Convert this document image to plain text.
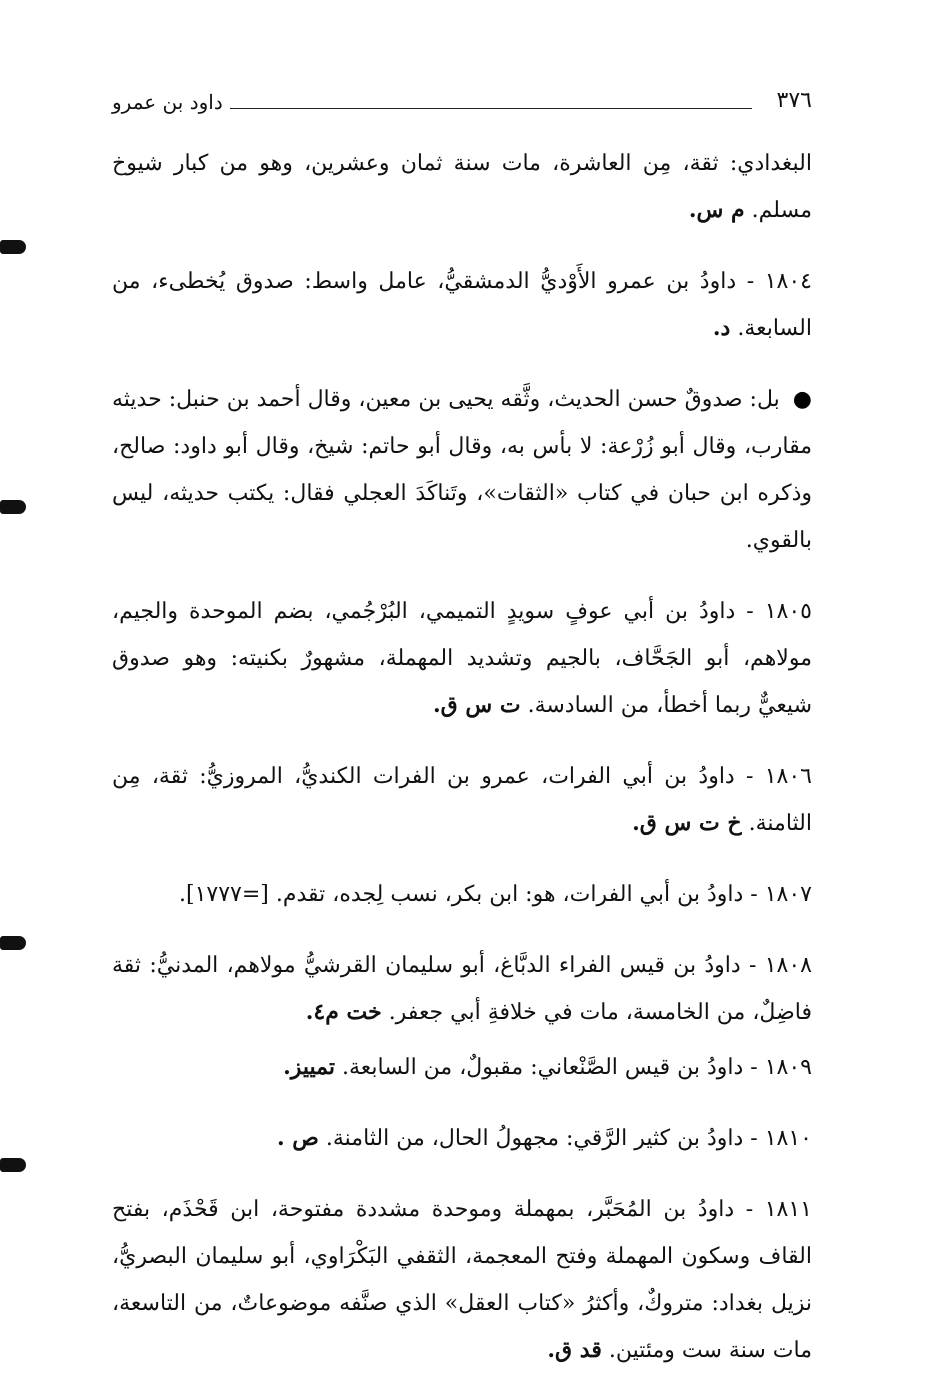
٣٧٦
داود بن عمرو
البغدادي: ثقة، مِن العاشرة، مات سنة ثمان وعشرين، وهو من كبار شيوخ مسلم. م س.
١٨٠٤ - داودُ بن عمرو الأَوْديُّ الدمشقيُّ، عامل واسط: صدوق يُخطىء، من السابعة. د.
● بل: صدوقٌ حسن الحديث، وثَّقه يحيى بن معين، وقال أحمد بن حنبل: حديثه مقارب، وقال أبو زُرْعة: لا بأس به، وقال أبو حاتم: شيخ، وقال أبو داود: صالح، وذكره ابن حبان في كتاب «الثقات»، وتَناكَدَ العجلي فقال: يكتب حديثه، ليس بالقوي.
١٨٠٥ - داودُ بن أبي عوفٍ سويدٍ التميمي، البُرْجُمي، بضم الموحدة والجيم، مولاهم، أبو الجَحَّاف، بالجيم وتشديد المهملة، مشهورٌ بكنيته: وهو صدوق شيعيٌّ ربما أخطأ، من السادسة. ت س ق.
١٨٠٦ - داودُ بن أبي الفرات، عمرو بن الفرات الكنديُّ، المروزيُّ: ثقة، مِن الثامنة. خ ت س ق.
١٨٠٧ - داودُ بن أبي الفرات، هو: ابن بكر، نسب لِجده، تقدم. [=١٧٧٧].
١٨٠٨ - داودُ بن قيس الفراء الدبَّاغ، أبو سليمان القرشيُّ مولاهم، المدنيُّ: ثقة فاضِلٌ، من الخامسة، مات في خلافةِ أبي جعفر. خت م٤.
١٨٠٩ - داودُ بن قيس الصَّنْعاني: مقبولٌ، من السابعة. تمييز.
١٨١٠ - داودُ بن كثير الرَّقي: مجهولُ الحال، من الثامنة. ص .
١٨١١ - داودُ بن المُحَبَّر، بمهملة وموحدة مشددة مفتوحة، ابن قَحْذَم، بفتح القاف وسكون المهملة وفتح المعجمة، الثقفي البَكْرَاوي، أبو سليمان البصريُّ، نزيل بغداد: متروكٌ، وأكثرُ «كتاب العقل» الذي صنَّفه موضوعاتٌ، من التاسعة، مات سنة ست ومئتين. قد ق.
